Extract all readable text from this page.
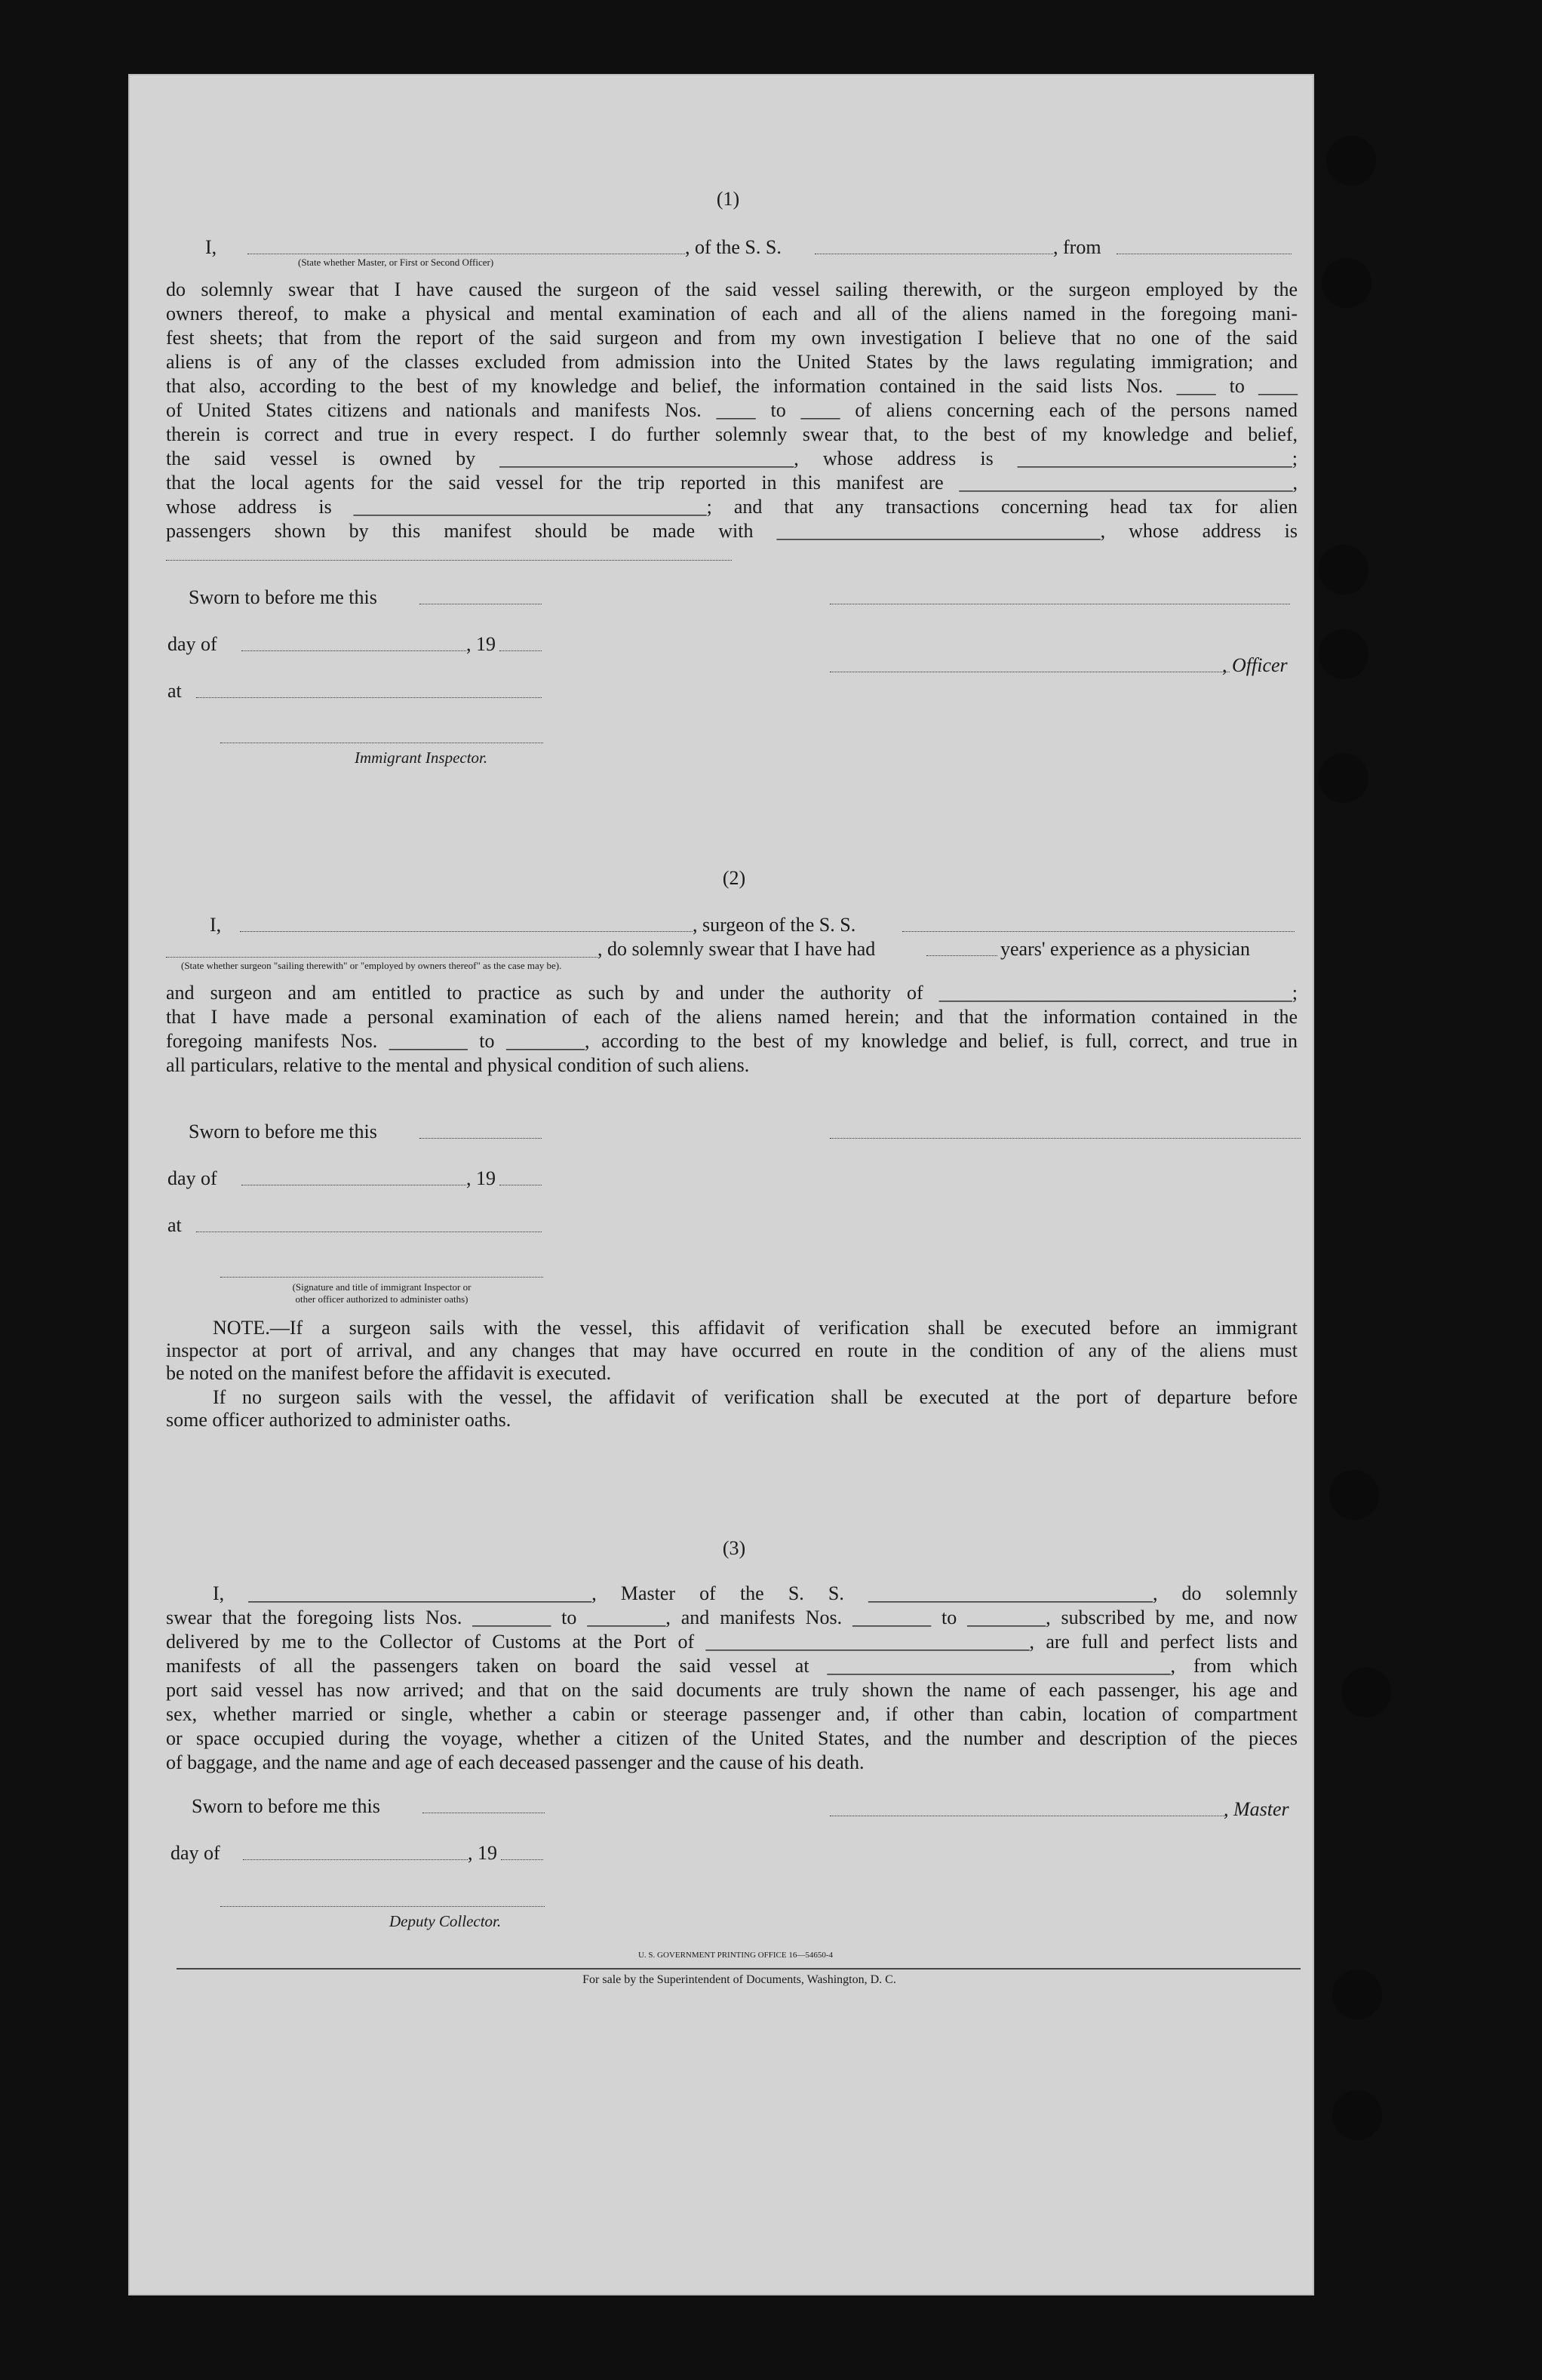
(1)
I,
(State whether Master, or First or Second Officer)
, of the S. S.	, from
do solemnly swear that I have caused the surgeon of the said vessel sailing therewith, or the surgeon employed by the
owners thereof, to make a physical and mental examination of each and all of the aliens named in the foregoing mani-
fest sheets; that from the report of the said surgeon and from my own investigation I believe that no one of the said
aliens is of any of the classes excluded from admission into the United States by the laws regulating immigration; and
that also, according to the best of my knowledge and belief, the information contained in the said lists Nos. ____ to ____
of United States citizens and nationals and manifests Nos. ____ to ____ of aliens concerning each of the persons named
therein is correct and true in every respect. I do further solemnly swear that, to the best of my knowledge and belief,
the said vessel is owned by ______________________________, whose address is ____________________________;
that the local agents for the said vessel for the trip reported in this manifest are __________________________________,
whose address is ____________________________________; and that any transactions concerning head tax for alien
passengers shown by this manifest should be made with _________________________________, whose address is
Sworn to before me this
day of	, 19
, Officer
at
Immigrant Inspector.
(2)
I,	, surgeon of the S. S.
, do solemnly swear that I have had	years' experience as a physician
(State whether surgeon "sailing therewith" or "employed by owners thereof" as the case may be).
and surgeon and am entitled to practice as such by and under the authority of ____________________________________;
that I have made a personal examination of each of the aliens named herein; and that the information contained in the
foregoing manifests Nos. ________ to ________, according to the best of my knowledge and belief, is full, correct, and true in
all particulars, relative to the mental and physical condition of such aliens.
Sworn to before me this
day of	, 19
at
(Signature and title of immigrant Inspector or
other officer authorized to administer oaths)
NOTE.—If a surgeon sails with the vessel, this affidavit of verification shall be executed before an immigrant
inspector at port of arrival, and any changes that may have occurred en route in the condition of any of the aliens must
be noted on the manifest before the affidavit is executed.
If no surgeon sails with the vessel, the affidavit of verification shall be executed at the port of departure before
some officer authorized to administer oaths.
(3)
I, ___________________________________, Master of the S. S. _____________________________, do solemnly
swear that the foregoing lists Nos. ________ to ________, and manifests Nos. ________ to ________, subscribed by me, and now
delivered by me to the Collector of Customs at the Port of _________________________________, are full and perfect lists and
manifests of all the passengers taken on board the said vessel at ___________________________________, from which
port said vessel has now arrived; and that on the said documents are truly shown the name of each passenger, his age and
sex, whether married or single, whether a cabin or steerage passenger and, if other than cabin, location of compartment
or space occupied during the voyage, whether a citizen of the United States, and the number and description of the pieces
of baggage, and the name and age of each deceased passenger and the cause of his death.
Sworn to before me this	, Master
day of	, 19
Deputy Collector.
U. S. GOVERNMENT PRINTING OFFICE 16—54650-4
For sale by the Superintendent of Documents, Washington, D. C.
